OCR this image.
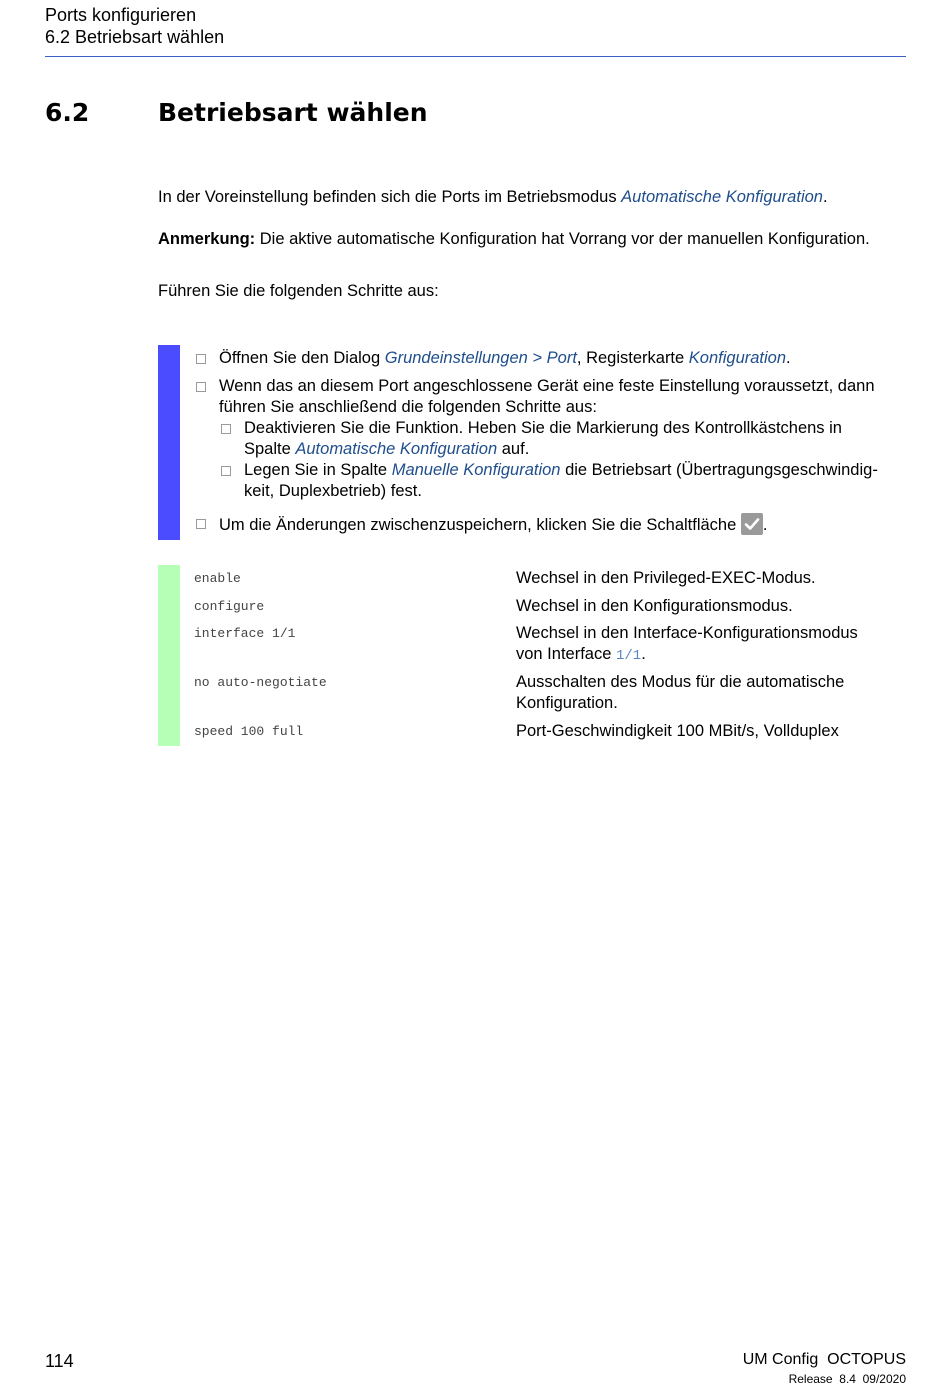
Ports konfigurieren
6.2 Betriebsart wählen
6.2	Betriebsart wählen
In der Voreinstellung befinden sich die Ports im Betriebsmodus Automatische Konfiguration.
Anmerkung: Die aktive automatische Konfiguration hat Vorrang vor der manuellen Konfiguration.
Führen Sie die folgenden Schritte aus:
Öffnen Sie den Dialog Grundeinstellungen > Port, Registerkarte Konfiguration.
Wenn das an diesem Port angeschlossene Gerät eine feste Einstellung voraussetzt, dann
führen Sie anschließend die folgenden Schritte aus:
Deaktivieren Sie die Funktion. Heben Sie die Markierung des Kontrollkästchens in
Spalte Automatische Konfiguration auf.
Legen Sie in Spalte Manuelle Konfiguration die Betriebsart (Übertragungsgeschwindig-
keit, Duplexbetrieb) fest.
Um die Änderungen zwischenzuspeichern, klicken Sie die Schaltfläche
.
enable	Wechsel in den Privileged-EXEC-Modus.
configure	Wechsel in den Konfigurationsmodus.
interface 1/1	Wechsel in den Interface-Konfigurationsmodus
von Interface 1/1.
no auto-negotiate	Ausschalten des Modus für die automatische
Konfiguration.
speed 100 full	Port-Geschwindigkeit 100 MBit/s, Vollduplex
114	UM Config  OCTOPUS
Release  8.4  09/2020
